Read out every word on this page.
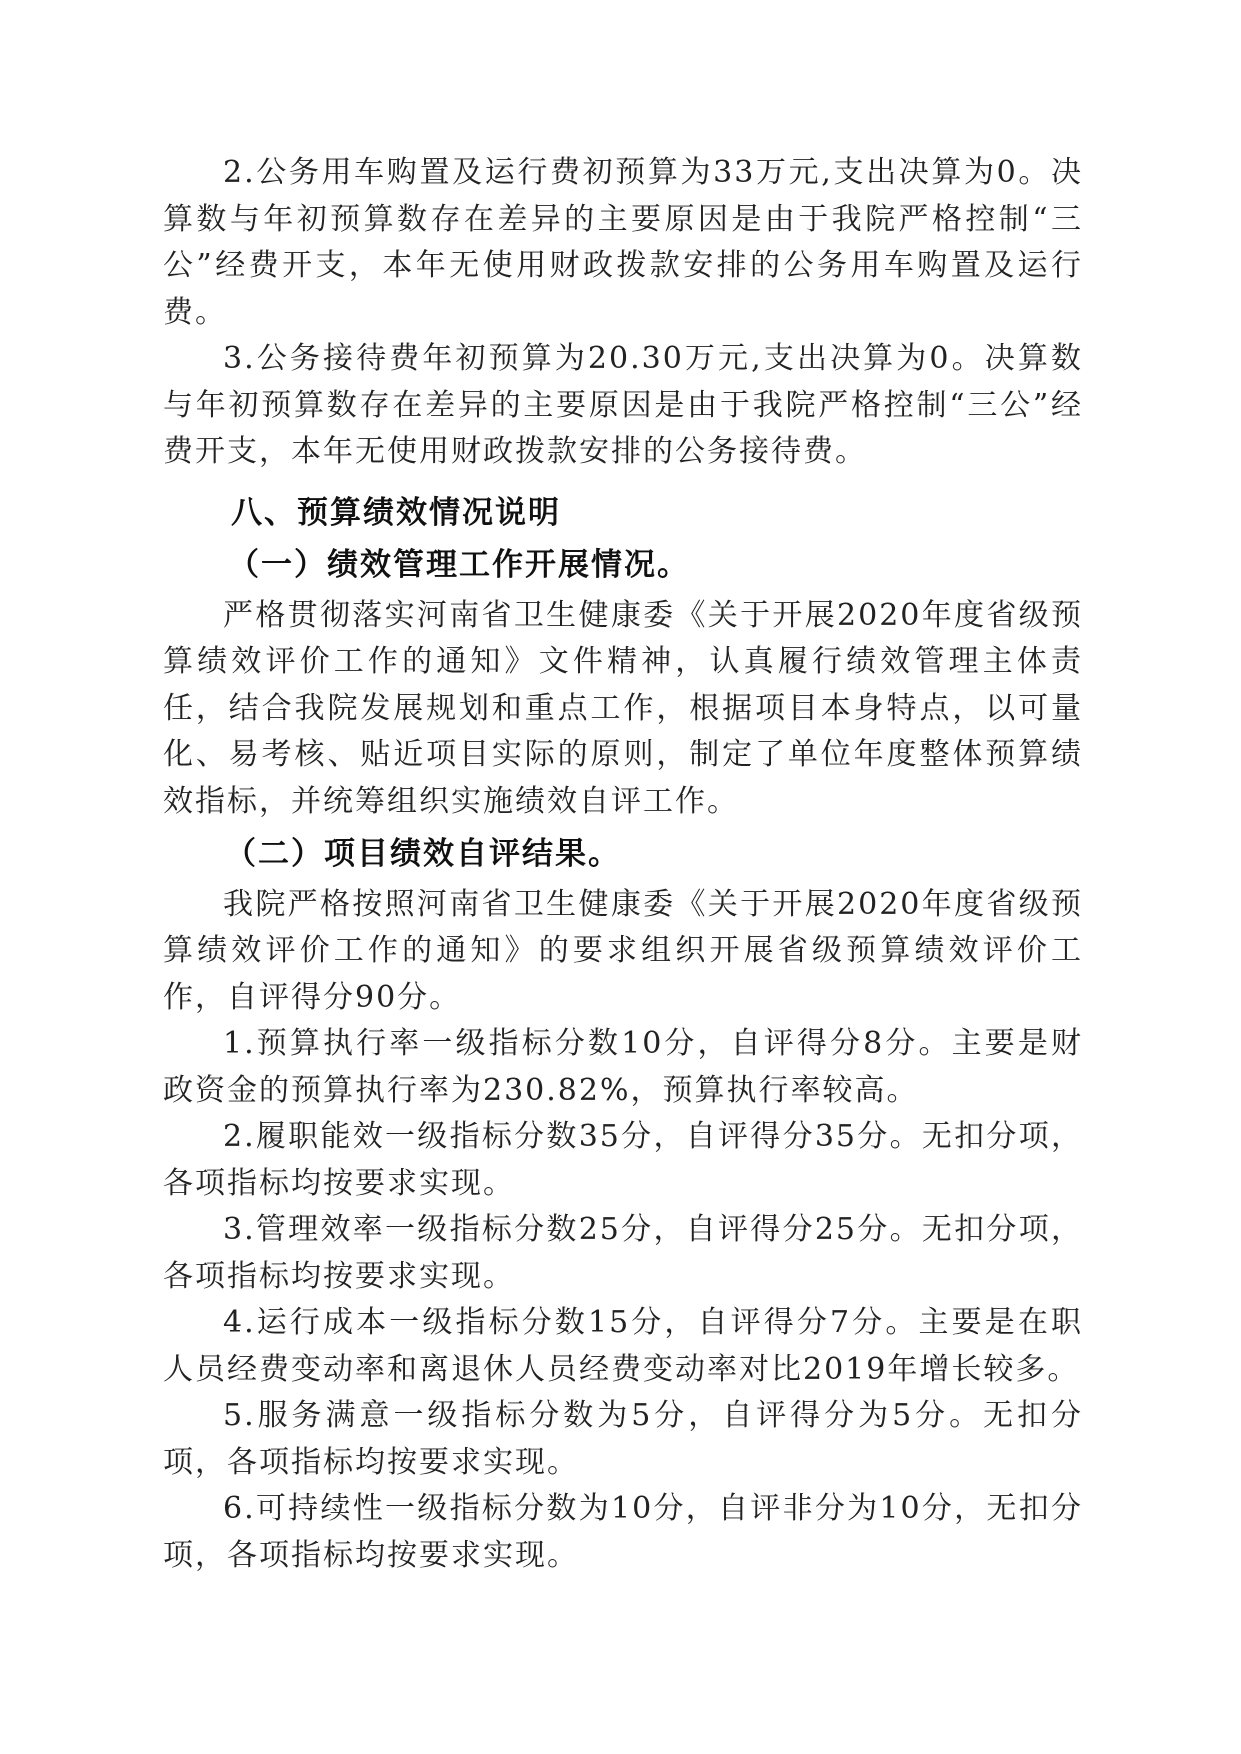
2.公务用车购置及运行费初预算为33万元,支出决算为0。决算数与年初预算数存在差异的主要原因是由于我院严格控制“三公”经费开支，本年无使用财政拨款安排的公务用车购置及运行费。

3.公务接待费年初预算为20.30万元,支出决算为0。决算数与年初预算数存在差异的主要原因是由于我院严格控制“三公”经费开支，本年无使用财政拨款安排的公务接待费。

八、预算绩效情况说明

（一）绩效管理工作开展情况。

严格贯彻落实河南省卫生健康委《关于开展2020年度省级预算绩效评价工作的通知》文件精神，认真履行绩效管理主体责任，结合我院发展规划和重点工作，根据项目本身特点，以可量化、易考核、贴近项目实际的原则，制定了单位年度整体预算绩效指标，并统筹组织实施绩效自评工作。

（二）项目绩效自评结果。

我院严格按照河南省卫生健康委《关于开展2020年度省级预算绩效评价工作的通知》的要求组织开展省级预算绩效评价工作，自评得分90分。

1.预算执行率一级指标分数10分，自评得分8分。主要是财政资金的预算执行率为230.82%，预算执行率较高。

2.履职能效一级指标分数35分，自评得分35分。无扣分项，各项指标均按要求实现。

3.管理效率一级指标分数25分，自评得分25分。无扣分项，各项指标均按要求实现。

4.运行成本一级指标分数15分，自评得分7分。主要是在职人员经费变动率和离退休人员经费变动率对比2019年增长较多。

5.服务满意一级指标分数为5分，自评得分为5分。无扣分项，各项指标均按要求实现。

6.可持续性一级指标分数为10分，自评非分为10分，无扣分项，各项指标均按要求实现。
